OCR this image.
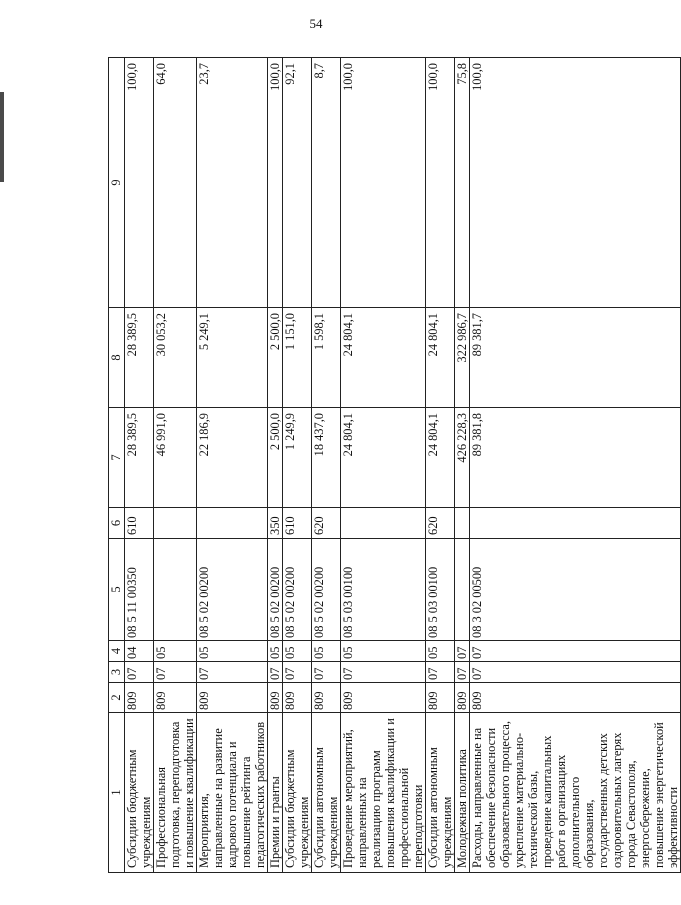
54
1	2	3	4	5	6	7	8	9
Субсидии бюджетным учреждениям	809	07	04	08 5 11 00350	610	28 389,5	28 389,5	100,0
Профессиональная подготовка, переподготовка и повышение квалификации	809	07	05			46 991,0	30 053,2	64,0
Мероприятия, направленные на развитие кадрового потенциала и повышение рейтинга педагогических работников	809	07	05	08 5 02 00200		22 186,9	5 249,1	23,7
Премии и гранты	809	07	05	08 5 02 00200	350	2 500,0	2 500,0	100,0
Субсидии бюджетным учреждениям	809	07	05	08 5 02 00200	610	1 249,9	1 151,0	92,1
Субсидии автономным учреждениям	809	07	05	08 5 02 00200	620	18 437,0	1 598,1	8,7
Проведение мероприятий, направленных на реализацию программ повышения квалификации и профессиональной переподготовки	809	07	05	08 5 03 00100		24 804,1	24 804,1	100,0
Субсидии автономным учреждениям	809	07	05	08 5 03 00100	620	24 804,1	24 804,1	100,0
Молодежная политика	809	07	07			426 228,3	322 986,7	75,8
Расходы, направленные на обеспечение безопасности образовательного процесса, укрепление материально-технической базы, проведение капитальных работ в организациях дополнительного образования, государственных детских оздоровительных лагерях города Севастополя, энергосбережение, повышение энергетической эффективности	809	07	07	08 3 02 00500		89 381,8	89 381,7	100,0
